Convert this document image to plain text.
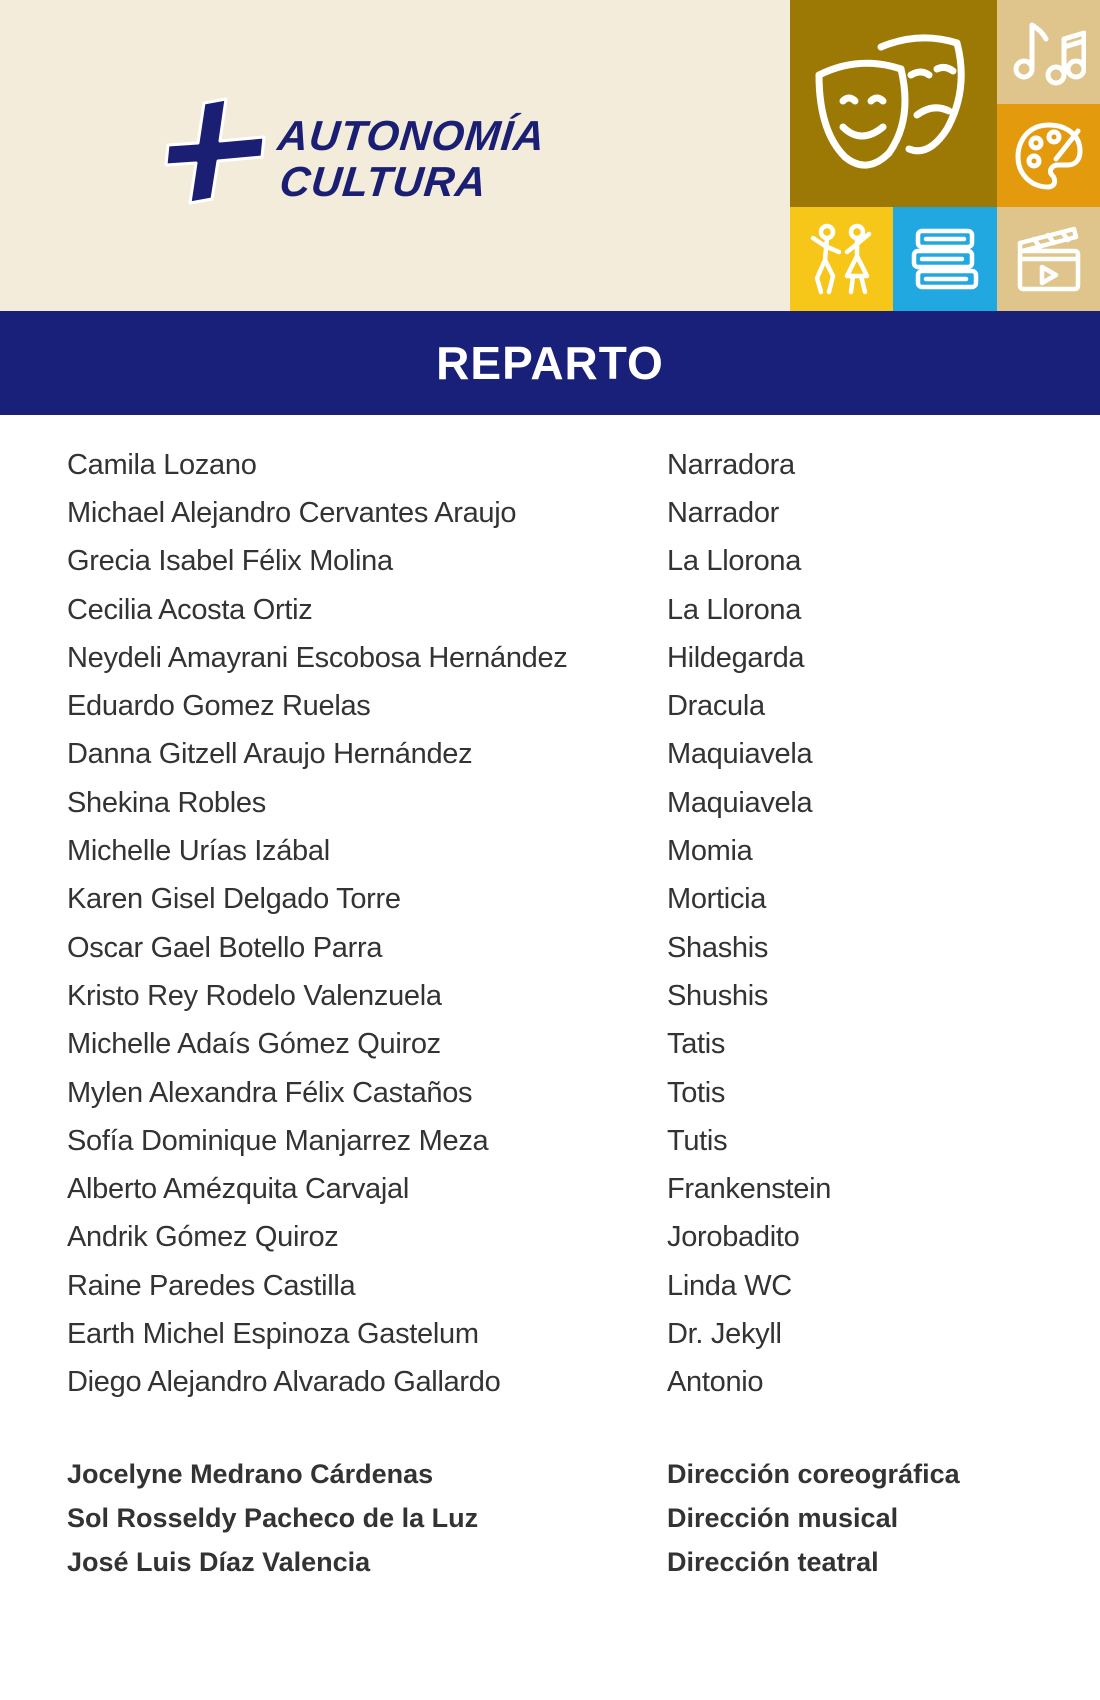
AUTONOMÍA
CULTURA
REPARTO
Camila Lozano	Narradora
Michael Alejandro Cervantes Araujo	Narrador
Grecia Isabel Félix Molina	La Llorona
Cecilia Acosta Ortiz	La Llorona
Neydeli Amayrani Escobosa Hernández	Hildegarda
Eduardo Gomez Ruelas	Dracula
Danna Gitzell Araujo Hernández	Maquiavela
Shekina Robles	Maquiavela
Michelle Urías Izábal	Momia
Karen Gisel Delgado Torre	Morticia
Oscar Gael Botello Parra	Shashis
Kristo Rey Rodelo Valenzuela	Shushis
Michelle Adaís Gómez Quiroz	Tatis
Mylen Alexandra Félix Castaños	Totis
Sofía Dominique Manjarrez Meza	Tutis
Alberto Amézquita Carvajal	Frankenstein
Andrik Gómez Quiroz	Jorobadito
Raine Paredes Castilla	Linda WC
Earth Michel Espinoza Gastelum	Dr. Jekyll
Diego Alejandro Alvarado Gallardo	Antonio
Jocelyne Medrano Cárdenas	Dirección coreográfica
Sol Rosseldy Pacheco de la Luz	Dirección musical
José Luis Díaz Valencia	Dirección teatral
